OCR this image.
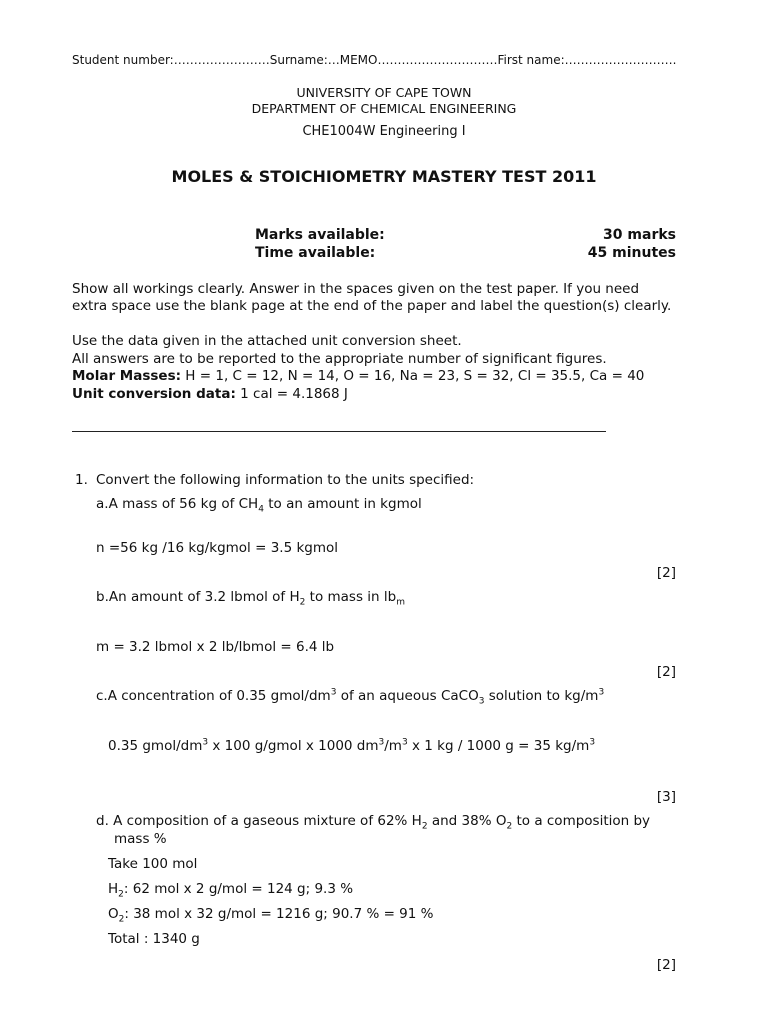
Student number:……………………Surname:…MEMO…………………………First name:……………………….
UNIVERSITY OF CAPE TOWN
DEPARTMENT OF CHEMICAL ENGINEERING
CHE1004W Engineering I
MOLES & STOICHIOMETRY MASTERY TEST 2011
Marks available:	30 marks
Time available:	45 minutes
Show all workings clearly. Answer in the spaces given on the test paper. If you need
extra space use the blank page at the end of the paper and label the question(s) clearly.
Use the data given in the attached unit conversion sheet.
All answers are to be reported to the appropriate number of significant figures.
Molar Masses: H = 1, C = 12, N = 14, O = 16, Na = 23, S = 32, Cl = 35.5, Ca = 40
Unit conversion data: 1 cal = 4.1868 J
1. Convert the following information to the units specified:
a.A mass of 56 kg of $CH_4$ to an amount in kgmol
n =56 kg /16 kg/kgmol = 3.5 kgmol
[2]
b.An amount of 3.2 lbmol of $H_2$ to mass in $lb_m$
m = 3.2 lbmol x 2 lb/lbmol = 6.4 lb
[2]
c.A concentration of 0.35 gmol/$dm^3$ of an aqueous CaCO$_3$ solution to $kg/m^3$
0.35 gmol/$dm^3$ x 100 g/gmol x 1000 $dm^3/m^3$ x 1 kg / 1000 g = 35 $kg/m^3$
[3]
d. A composition of a gaseous mixture of 62% $H_2$ and 38% $O_2$ to a composition by
mass %
Take 100 mol
$H_2$: 62 mol x 2 g/mol = 124 g; 9.3 %
$O_2$: 38 mol x 32 g/mol = 1216 g; 90.7 % = 91 %
Total : 1340 g
[2]
